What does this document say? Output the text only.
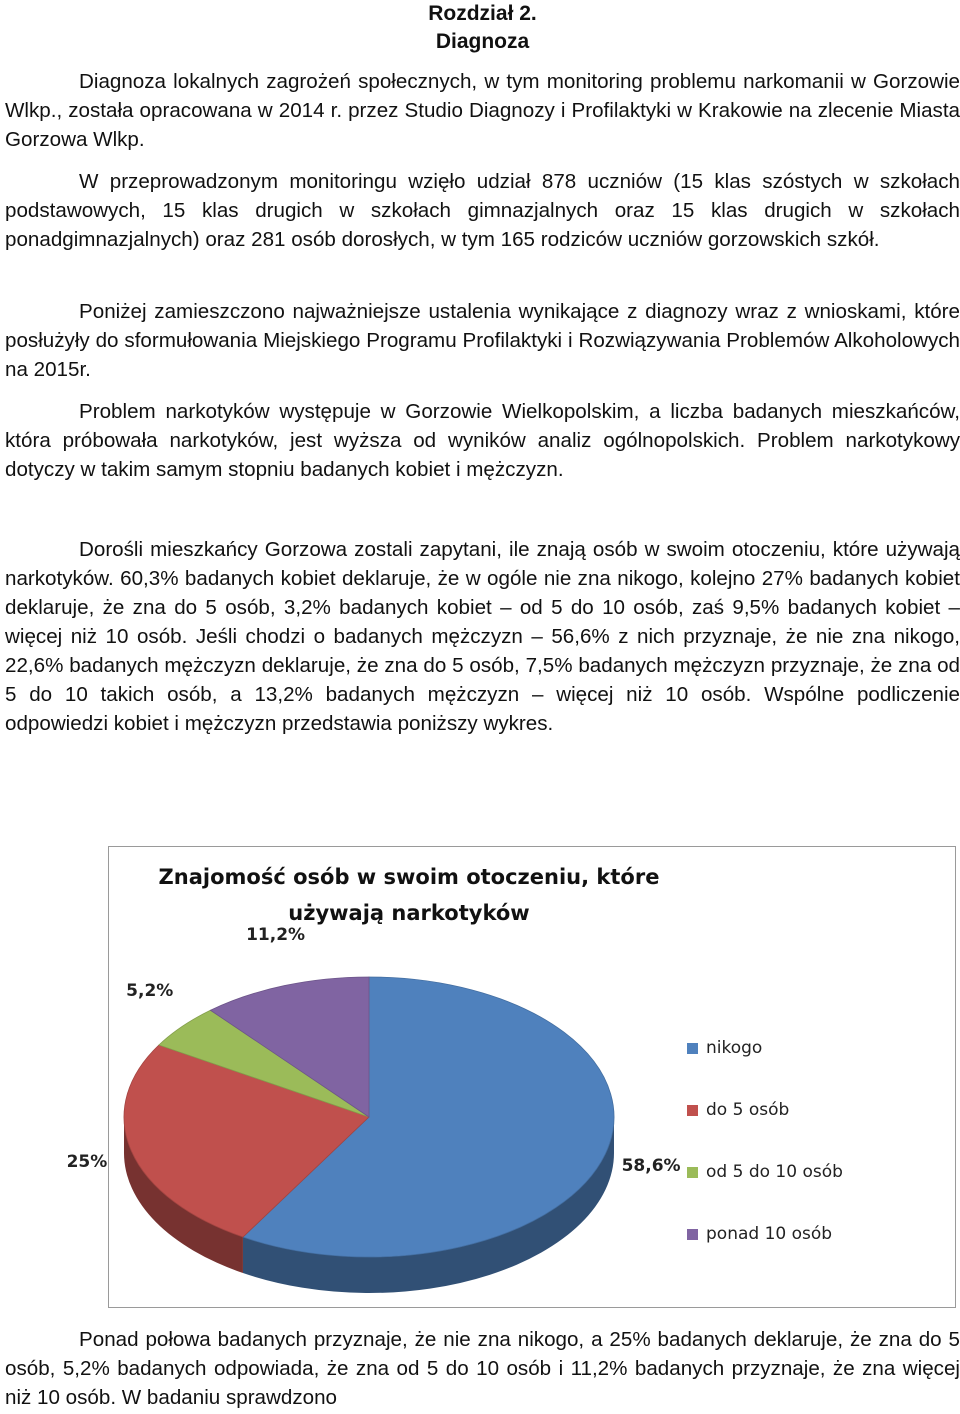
Rozdział 2.
Diagnoza

Diagnoza lokalnych zagrożeń społecznych, w tym monitoring problemu narkomanii w Gorzowie Wlkp., została opracowana w 2014 r. przez Studio Diagnozy i Profilaktyki w Krakowie na zlecenie Miasta Gorzowa Wlkp.

W przeprowadzonym monitoringu wzięło udział 878 uczniów (15 klas szóstych w szkołach podstawowych, 15 klas drugich w szkołach gimnazjalnych oraz 15 klas drugich w szkołach ponadgimnazjalnych) oraz 281 osób dorosłych, w tym 165 rodziców uczniów gorzowskich szkół.

Poniżej zamieszczono najważniejsze ustalenia wynikające z diagnozy wraz z wnioskami, które posłużyły do sformułowania Miejskiego Programu Profilaktyki i Rozwiązywania Problemów Alkoholowych na 2015r.

Problem narkotyków występuje w Gorzowie Wielkopolskim, a liczba badanych mieszkańców, która próbowała narkotyków, jest wyższa od wyników analiz ogólnopolskich. Problem narkotykowy dotyczy w takim samym stopniu badanych kobiet i mężczyzn.

Dorośli mieszkańcy Gorzowa zostali zapytani, ile znają osób w swoim otoczeniu, które używają narkotyków. 60,3% badanych kobiet deklaruje, że w ogóle nie zna nikogo, kolejno 27% badanych kobiet deklaruje, że zna do 5 osób, 3,2% badanych kobiet – od 5 do 10 osób, zaś 9,5% badanych kobiet – więcej niż 10 osób. Jeśli chodzi o badanych mężczyzn – 56,6% z nich przyznaje, że nie zna nikogo, 22,6% badanych mężczyzn deklaruje, że zna do 5 osób, 7,5% badanych mężczyzn przyznaje, że zna od 5 do 10 takich osób, a 13,2% badanych mężczyzn – więcej niż 10 osób. Wspólne podliczenie odpowiedzi kobiet i mężczyzn przedstawia poniższy wykres.

Ponad połowa badanych przyznaje, że nie zna nikogo, a 25% badanych deklaruje, że zna do 5 osób, 5,2% badanych odpowiada, że zna od 5 do 10 osób i 11,2% badanych przyznaje, że zna więcej niż 10 osób. W badaniu sprawdzono

Znajomość osób w swoim otoczeniu, które
używają narkotyków
nikogo
do 5 osób
od 5 do 10 osób
ponad 10 osób
58,6%
25%
5,2%
11,2%
